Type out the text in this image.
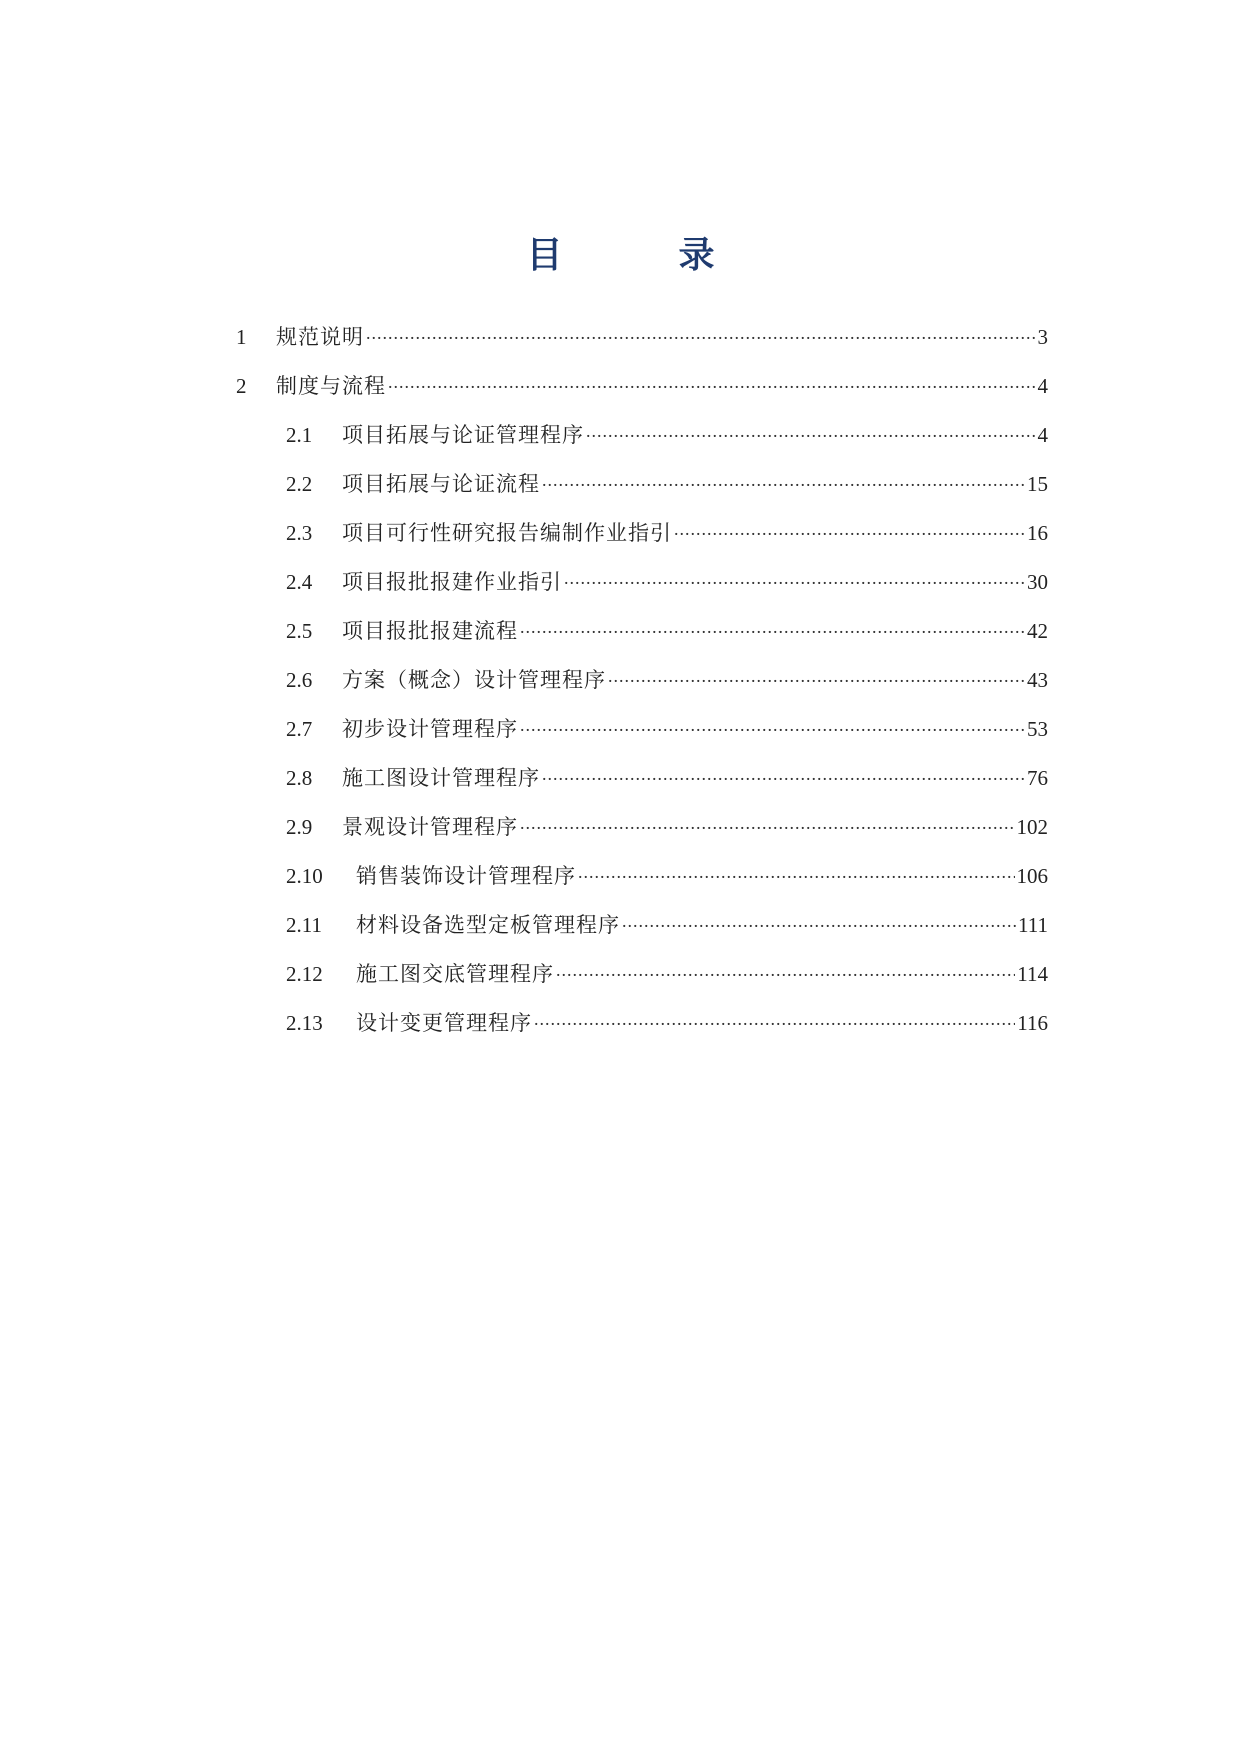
目　录
1	规范说明 .....	3
2	制度与流程 .....	4
2.1	项目拓展与论证管理程序 .....	4
2.2	项目拓展与论证流程 .....	15
2.3	项目可行性研究报告编制作业指引 .....	16
2.4	项目报批报建作业指引 .....	30
2.5	项目报批报建流程 .....	42
2.6	方案（概念）设计管理程序 .....	43
2.7	初步设计管理程序 .....	53
2.8	施工图设计管理程序 .....	76
2.9	景观设计管理程序 .....	102
2.10	销售装饰设计管理程序 .....	106
2.11	材料设备选型定板管理程序 .....	111
2.12	施工图交底管理程序 .....	114
2.13	设计变更管理程序 .....	116
